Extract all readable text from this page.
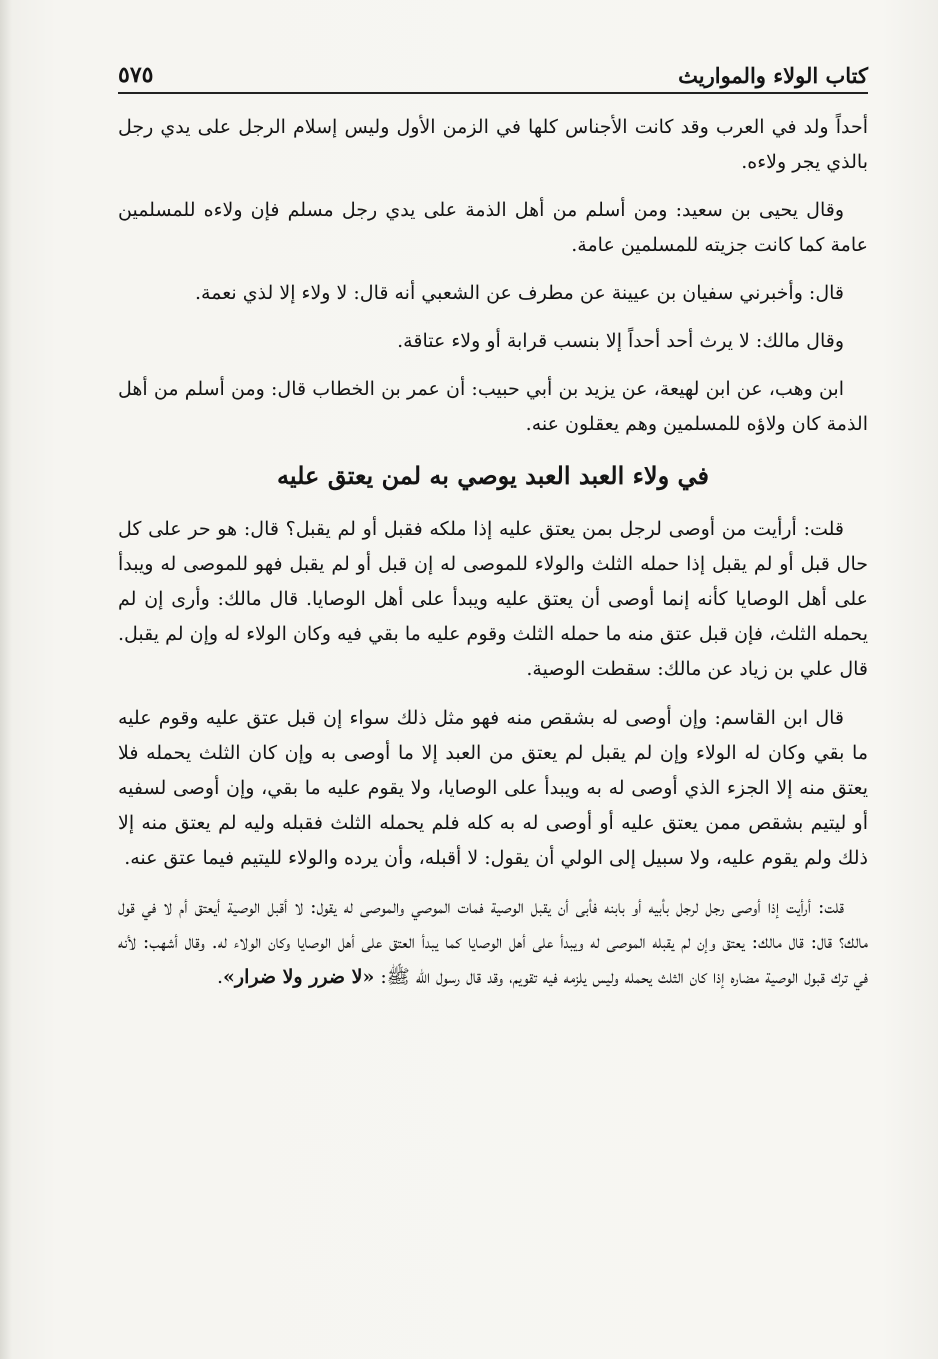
كتاب الولاء والمواريث
٥٧٥

أحداً ولد في العرب وقد كانت الأجناس كلها في الزمن الأول وليس إسلام الرجل على يدي رجل بالذي يجر ولاءه.

وقال يحيى بن سعيد: ومن أسلم من أهل الذمة على يدي رجل مسلم فإن ولاءه للمسلمين عامة كما كانت جزيته للمسلمين عامة.

قال: وأخبرني سفيان بن عيينة عن مطرف عن الشعبي أنه قال: لا ولاء إلا لذي نعمة.

وقال مالك: لا يرث أحد أحداً إلا بنسب قرابة أو ولاء عتاقة.

ابن وهب، عن ابن لهيعة، عن يزيد بن أبي حبيب: أن عمر بن الخطاب قال: ومن أسلم من أهل الذمة كان ولاؤه للمسلمين وهم يعقلون عنه.

في ولاء العبد العبد يوصي به لمن يعتق عليه

قلت: أرأيت من أوصى لرجل بمن يعتق عليه إذا ملكه فقبل أو لم يقبل؟ قال: هو حر على كل حال قبل أو لم يقبل إذا حمله الثلث والولاء للموصى له إن قبل أو لم يقبل فهو للموصى له ويبدأ على أهل الوصايا كأنه إنما أوصى أن يعتق عليه ويبدأ على أهل الوصايا. قال مالك: وأرى إن لم يحمله الثلث، فإن قبل عتق منه ما حمله الثلث وقوم عليه ما بقي فيه وكان الولاء له وإن لم يقبل. قال علي بن زياد عن مالك: سقطت الوصية.

قال ابن القاسم: وإن أوصى له بشقص منه فهو مثل ذلك سواء إن قبل عتق عليه وقوم عليه ما بقي وكان له الولاء وإن لم يقبل لم يعتق من العبد إلا ما أوصى به وإن كان الثلث يحمله فلا يعتق منه إلا الجزء الذي أوصى له به ويبدأ على الوصايا، ولا يقوم عليه ما بقي، وإن أوصى لسفيه أو ليتيم بشقص ممن يعتق عليه أو أوصى له به كله فلم يحمله الثلث فقبله وليه لم يعتق منه إلا ذلك ولم يقوم عليه، ولا سبيل إلى الولي أن يقول: لا أقبله، وأن يرده والولاء لليتيم فيما عتق عنه.

قلت: أرأيت إذا أوصى رجل لرجل بأبيه أو بابنه فأبى أن يقبل الوصية فمات الموصي والموصى له يقول: لا أقبل الوصية أيعتق أم لا في قول مالك؟ قال: قال مالك: يعتق وإن لم يقبله الموصى له ويبدأ على أهل الوصايا كما يبدأ العتق على أهل الوصايا وكان الولاء له. وقال أشهب: لأنه في ترك قبول الوصية مضاره إذا كان الثلث يحمله وليس يلزمه فيه تقويم، وقد قال رسول الله ﷺ: «لا ضرر ولا ضرار».
